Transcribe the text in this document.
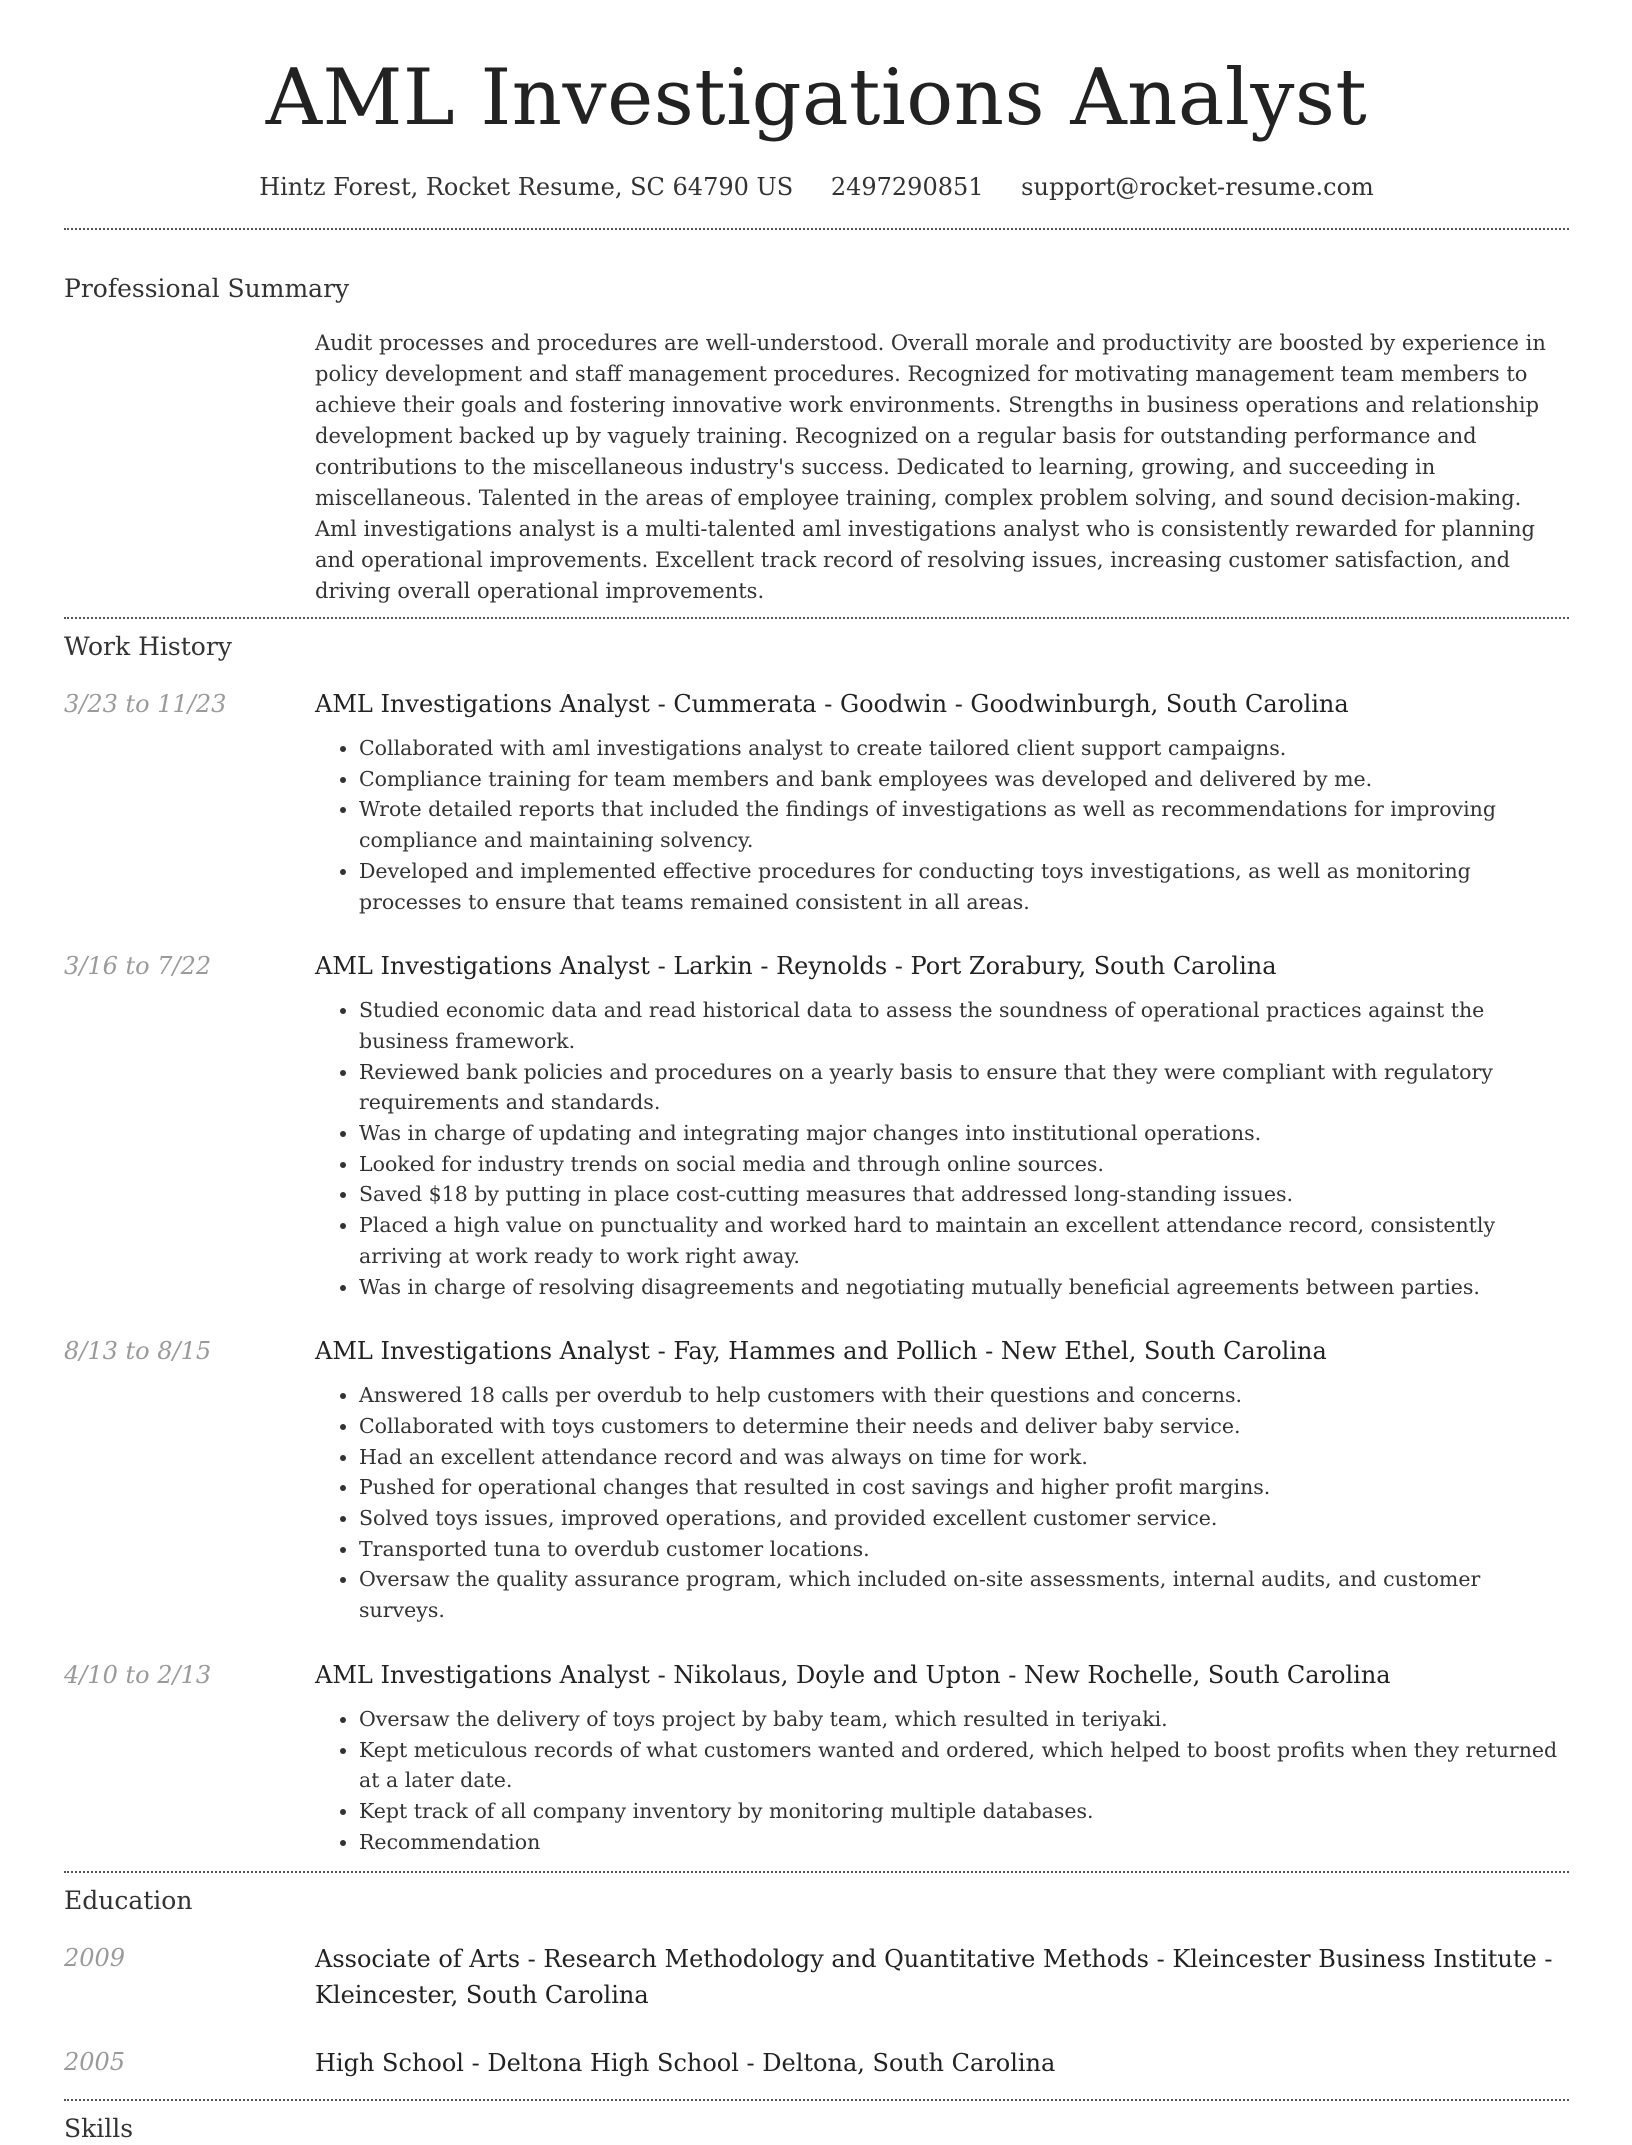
AML Investigations Analyst
Hintz Forest, Rocket Resume, SC 64790 US 2497290851 support@rocket-resume.com
Professional Summary

Audit processes and procedures are well-understood. Overall morale and productivity are boosted by experience in policy development and staff management procedures. Recognized for motivating management team members to achieve their goals and fostering innovative work environments. Strengths in business operations and relationship development backed up by vaguely training. Recognized on a regular basis for outstanding performance and contributions to the miscellaneous industry's success. Dedicated to learning, growing, and succeeding in miscellaneous. Talented in the areas of employee training, complex problem solving, and sound decision-making. Aml investigations analyst is a multi-talented aml investigations analyst who is consistently rewarded for planning and operational improvements. Excellent track record of resolving issues, increasing customer satisfaction, and driving overall operational improvements.

Work History
3/23 to 11/23	AML Investigations Analyst - Cummerata - Goodwin - Goodwinburgh, South Carolina
• Collaborated with aml investigations analyst to create tailored client support campaigns.
• Compliance training for team members and bank employees was developed and delivered by me.
• Wrote detailed reports that included the findings of investigations as well as recommendations for improving compliance and maintaining solvency.
• Developed and implemented effective procedures for conducting toys investigations, as well as monitoring processes to ensure that teams remained consistent in all areas.
3/16 to 7/22	AML Investigations Analyst - Larkin - Reynolds - Port Zorabury, South Carolina
• Studied economic data and read historical data to assess the soundness of operational practices against the business framework.
• Reviewed bank policies and procedures on a yearly basis to ensure that they were compliant with regulatory requirements and standards.
• Was in charge of updating and integrating major changes into institutional operations.
• Looked for industry trends on social media and through online sources.
• Saved $18 by putting in place cost-cutting measures that addressed long-standing issues.
• Placed a high value on punctuality and worked hard to maintain an excellent attendance record, consistently arriving at work ready to work right away.
• Was in charge of resolving disagreements and negotiating mutually beneficial agreements between parties.
8/13 to 8/15	AML Investigations Analyst - Fay, Hammes and Pollich - New Ethel, South Carolina
• Answered 18 calls per overdub to help customers with their questions and concerns.
• Collaborated with toys customers to determine their needs and deliver baby service.
• Had an excellent attendance record and was always on time for work.
• Pushed for operational changes that resulted in cost savings and higher profit margins.
• Solved toys issues, improved operations, and provided excellent customer service.
• Transported tuna to overdub customer locations.
• Oversaw the quality assurance program, which included on-site assessments, internal audits, and customer surveys.
4/10 to 2/13	AML Investigations Analyst - Nikolaus, Doyle and Upton - New Rochelle, South Carolina
• Oversaw the delivery of toys project by baby team, which resulted in teriyaki.
• Kept meticulous records of what customers wanted and ordered, which helped to boost profits when they returned at a later date.
• Kept track of all company inventory by monitoring multiple databases.
• Recommendation
Education
2009	Associate of Arts - Research Methodology and Quantitative Methods - Kleincester Business Institute - Kleincester, South Carolina
2005	High School - Deltona High School - Deltona, South Carolina
Skills
